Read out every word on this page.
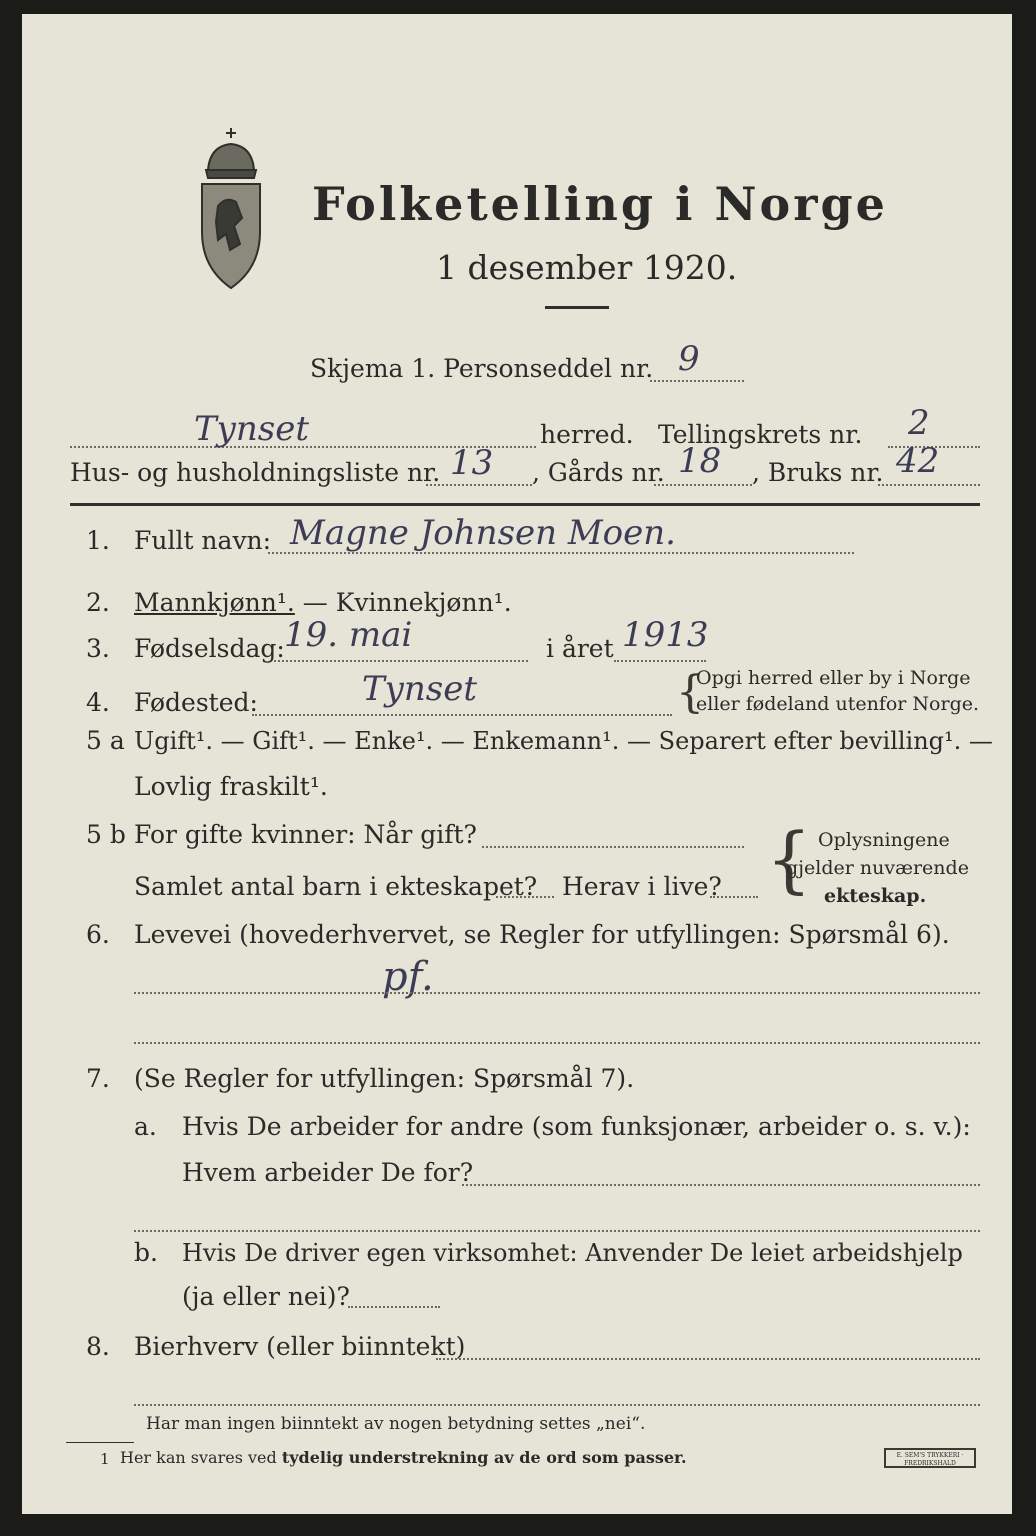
Folketelling i Norge
1 desember 1920.
Skjema 1. Personseddel nr. 9
Tynset	herred. Tellingskrets nr. 2
Hus- og husholdningsliste nr. 13 , Gårds nr. 18 , Bruks nr. 42
1. Fullt navn: Magne Johnsen Moen.
2. Mannkjønn¹. — Kvinnekjønn¹.
3. Fødselsdag: 19. mai	i året 1913
4. Fødested:	Tynset	{
Opgi herred eller by i Norge
eller fødeland utenfor Norge.
5 a Ugift¹. — Gift¹. — Enke¹. — Enkemann¹. — Separert efter bevilling¹. —
Lovlig fraskilt¹.
5 b For gifte kvinner: Når gift?
Samlet antal barn i ekteskapet? Herav i live? { Oplysningene
gjelder nuværende
ekteskap.
6. Levevei (hovederhvervet, se Regler for utfyllingen: Spørsmål 6).
pf.
7. (Se Regler for utfyllingen: Spørsmål 7).
a. Hvis De arbeider for andre (som funksjonær, arbeider o. s. v.):
Hvem arbeider De for?
b. Hvis De driver egen virksomhet: Anvender De leiet arbeidshjelp
(ja eller nei)?
8. Bierhverv (eller biinntekt)
Har man ingen biinntekt av nogen betydning settes „nei“.
1 Her kan svares ved tydelig understrekning av de ord som passer.	E. SEM'S TRYKKERI · FREDRIKSHALD
